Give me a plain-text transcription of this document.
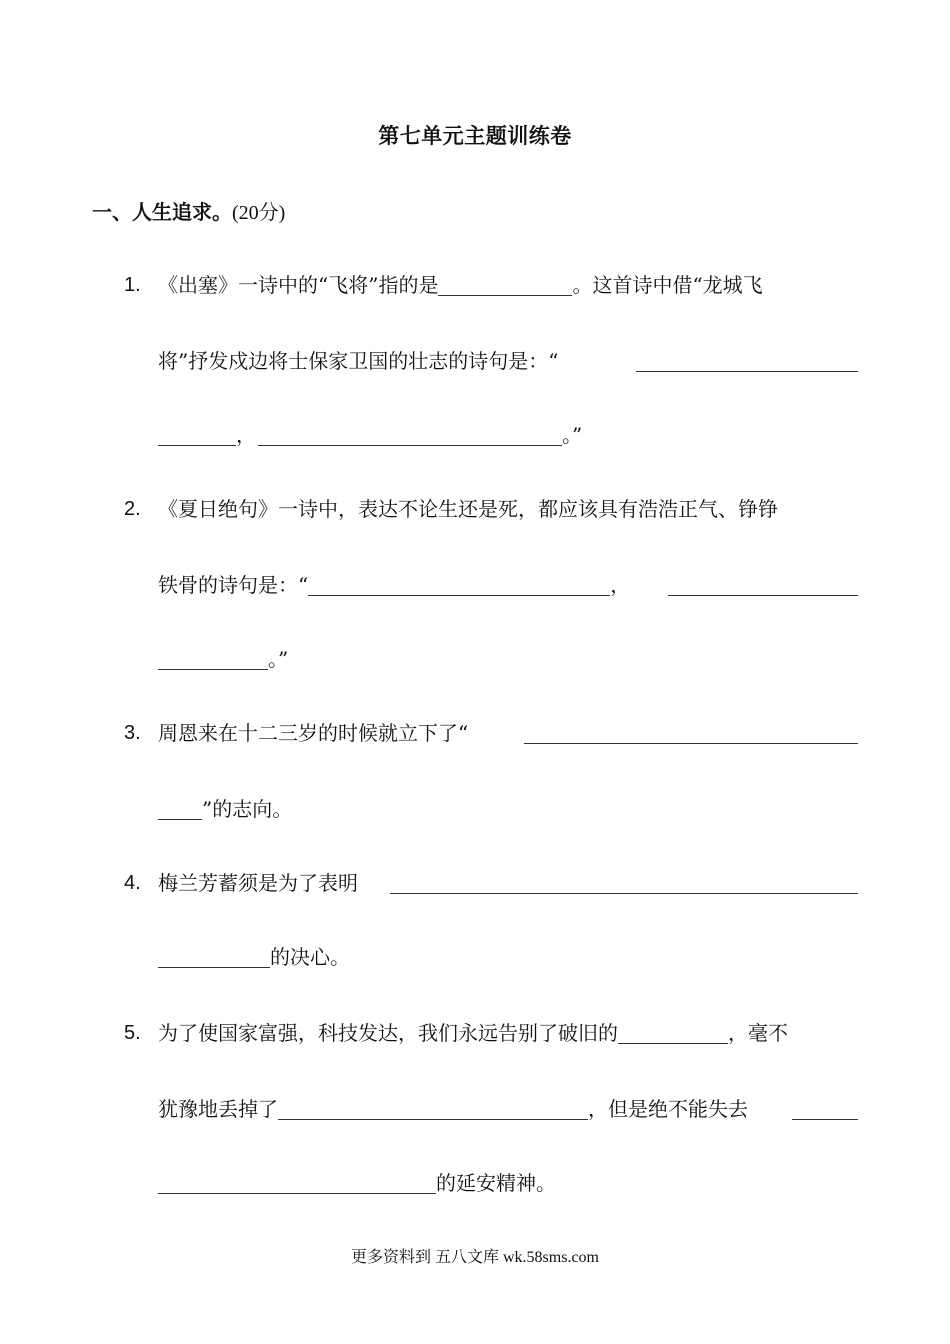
第七单元主题训练卷
一、人生追求。(20分)
1. 《出塞》一诗中的“飞将”指的是	。这首诗中借“龙城飞
将”抒发戍边将士保家卫国的壮志的诗句是：“
，	。”
2. 《夏日绝句》一诗中，表达不论生还是死，都应该具有浩浩正气、铮铮
铁骨的诗句是：“	，
。”
3. 周恩来在十二三岁的时候就立下了“
”的志向。
4. 梅兰芳蓄须是为了表明
的决心。
5. 为了使国家富强，科技发达，我们永远告别了破旧的	，毫不
犹豫地丢掉了	，但是绝不能失去
的延安精神。
更多资料到 五八文库 wk.58sms.com
